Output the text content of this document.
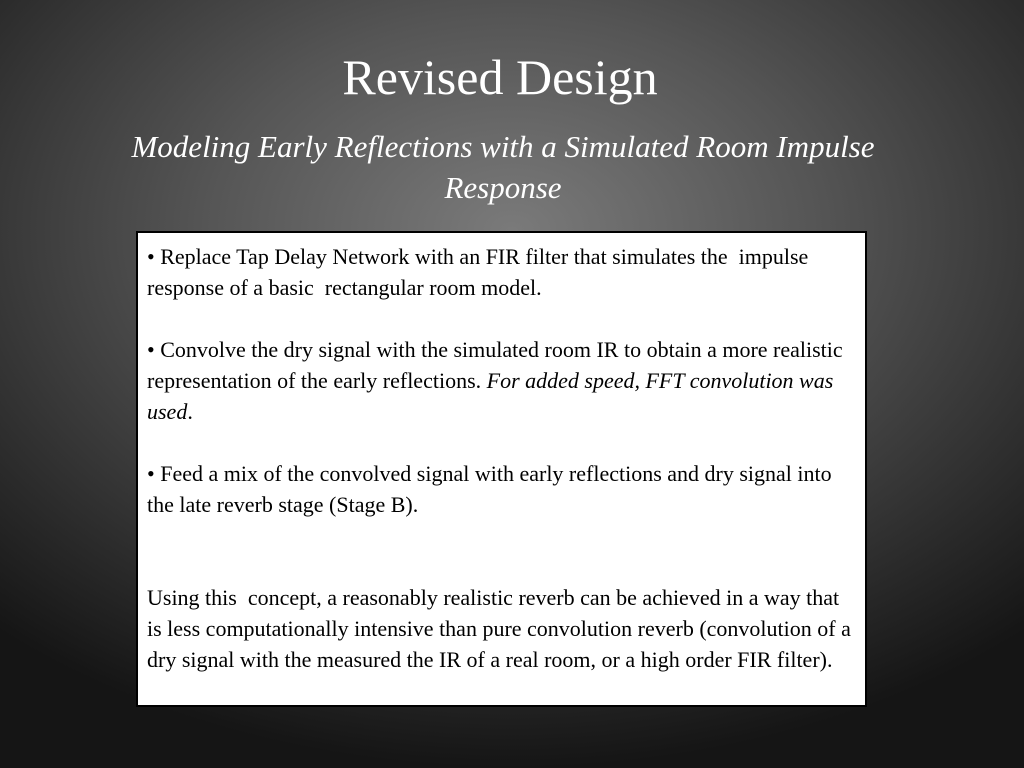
Revised Design
Modeling Early Reflections with a Simulated Room Impulse Response

• Replace Tap Delay Network with an FIR filter that simulates the  impulse response of a basic  rectangular room model.

• Convolve the dry signal with the simulated room IR to obtain a more realistic representation of the early reflections. For added speed, FFT convolution was used.

• Feed a mix of the convolved signal with early reflections and dry signal into the late reverb stage (Stage B).

Using this  concept, a reasonably realistic reverb can be achieved in a way that is less computationally intensive than pure convolution reverb (convolution of a dry signal with the measured the IR of a real room, or a high order FIR filter).
